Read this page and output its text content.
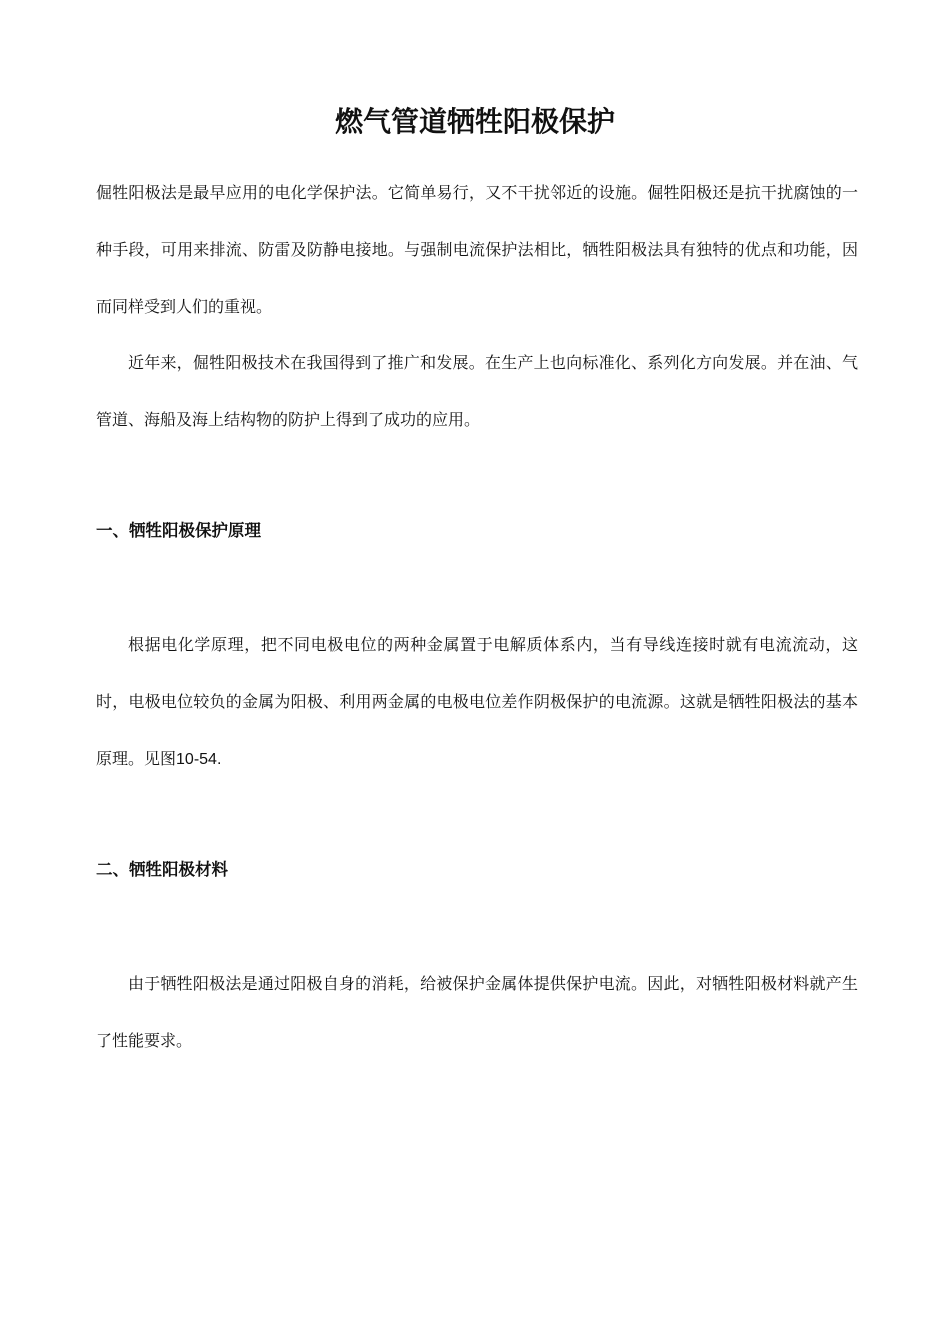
燃气管道牺牲阳极保护

倔牲阳极法是最早应用的电化学保护法。它简单易行，又不干扰邻近的设施。倔牲阳极还是抗干扰腐蚀的一种手段，可用来排流、防雷及防静电接地。与强制电流保护法相比，牺牲阳极法具有独特的优点和功能，因而同样受到人们的重视。

近年来，倔牲阳极技术在我国得到了推广和发展。在生产上也向标准化、系列化方向发展。并在油、气管道、海船及海上结构物的防护上得到了成功的应用。

一、牺牲阳极保护原理

根据电化学原理，把不同电极电位的两种金属置于电解质体系内，当有导线连接时就有电流流动，这时，电极电位较负的金属为阳极、利用两金属的电极电位差作阴极保护的电流源。这就是牺牲阳极法的基本原理。见图10-54.

二、牺牲阳极材料

由于牺牲阳极法是通过阳极自身的消耗，给被保护金属体提供保护电流。因此，对牺牲阳极材料就产生了性能要求。
